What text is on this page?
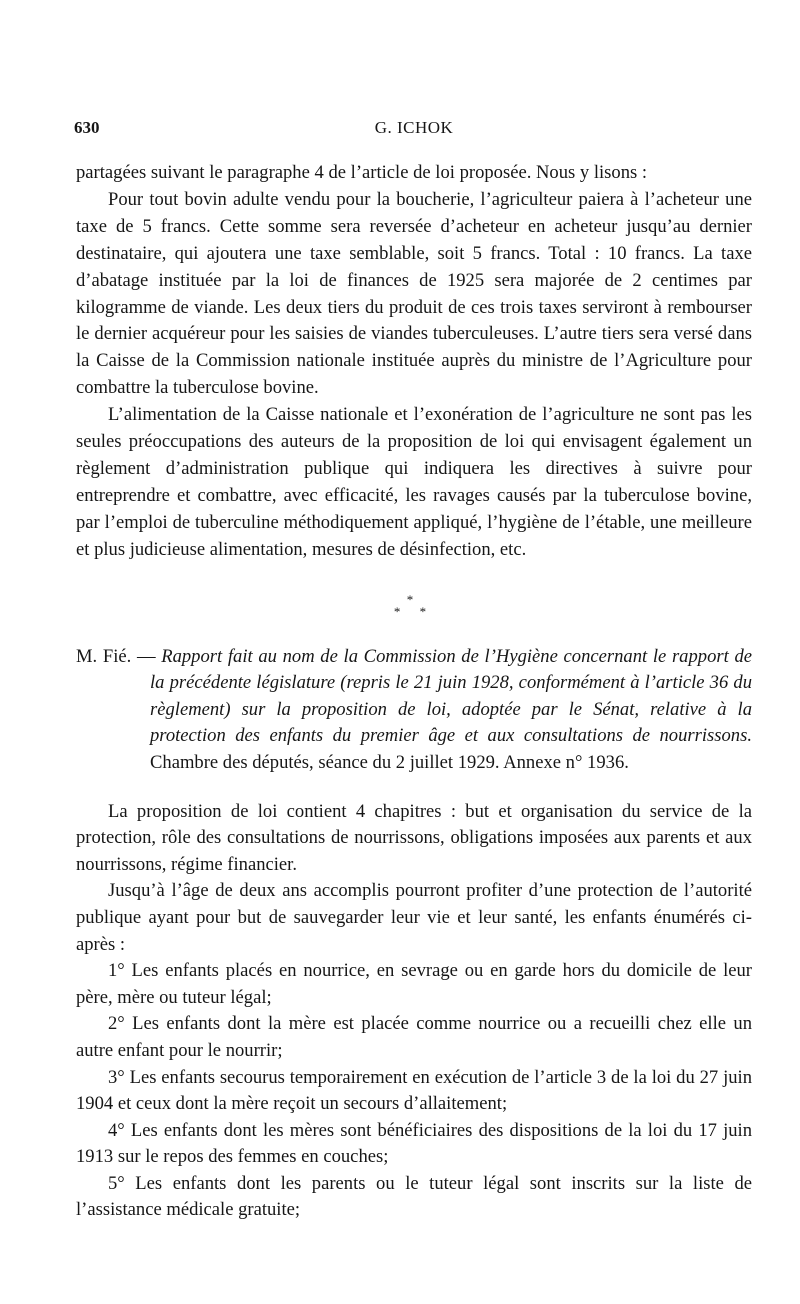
630	G. ICHOK

partagées suivant le paragraphe 4 de l’article de loi proposée. Nous y lisons :

Pour tout bovin adulte vendu pour la boucherie, l’agriculteur paiera à l’acheteur une taxe de 5 francs. Cette somme sera reversée d’acheteur en acheteur jusqu’au dernier destinataire, qui ajoutera une taxe semblable, soit 5 francs. Total : 10 francs. La taxe d’abatage instituée par la loi de finances de 1925 sera majorée de 2 centimes par kilogramme de viande. Les deux tiers du produit de ces trois taxes serviront à rembourser le dernier acquéreur pour les saisies de viandes tuberculeuses. L’autre tiers sera versé dans la Caisse de la Commission nationale instituée auprès du ministre de l’Agriculture pour combattre la tuberculose bovine.

L’alimentation de la Caisse nationale et l’exonération de l’agriculture ne sont pas les seules préoccupations des auteurs de la proposition de loi qui envisagent également un règlement d’administration publique qui indiquera les directives à suivre pour entreprendre et combattre, avec efficacité, les ravages causés par la tuberculose bovine, par l’emploi de tuberculine méthodiquement appliqué, l’hygiène de l’étable, une meilleure et plus judicieuse alimentation, mesures de désinfection, etc.

*
* *
M. Fié. — Rapport fait au nom de la Commission de l’Hygiène concernant le rapport de la précédente législature (repris le 21 juin 1928, conformément à l’article 36 du règlement) sur la proposition de loi, adoptée par le Sénat, relative à la protection des enfants du premier âge et aux consultations de nourrissons. Chambre des députés, séance du 2 juillet 1929. Annexe n° 1936.

La proposition de loi contient 4 chapitres : but et organisation du service de la protection, rôle des consultations de nourrissons, obligations imposées aux parents et aux nourrissons, régime financier.

Jusqu’à l’âge de deux ans accomplis pourront profiter d’une protection de l’autorité publique ayant pour but de sauvegarder leur vie et leur santé, les enfants énumérés ci-après :

1° Les enfants placés en nourrice, en sevrage ou en garde hors du domicile de leur père, mère ou tuteur légal;

2° Les enfants dont la mère est placée comme nourrice ou a recueilli chez elle un autre enfant pour le nourrir;

3° Les enfants secourus temporairement en exécution de l’article 3 de la loi du 27 juin 1904 et ceux dont la mère reçoit un secours d’allaitement;

4° Les enfants dont les mères sont bénéficiaires des dispositions de la loi du 17 juin 1913 sur le repos des femmes en couches;

5° Les enfants dont les parents ou le tuteur légal sont inscrits sur la liste de l’assistance médicale gratuite;
